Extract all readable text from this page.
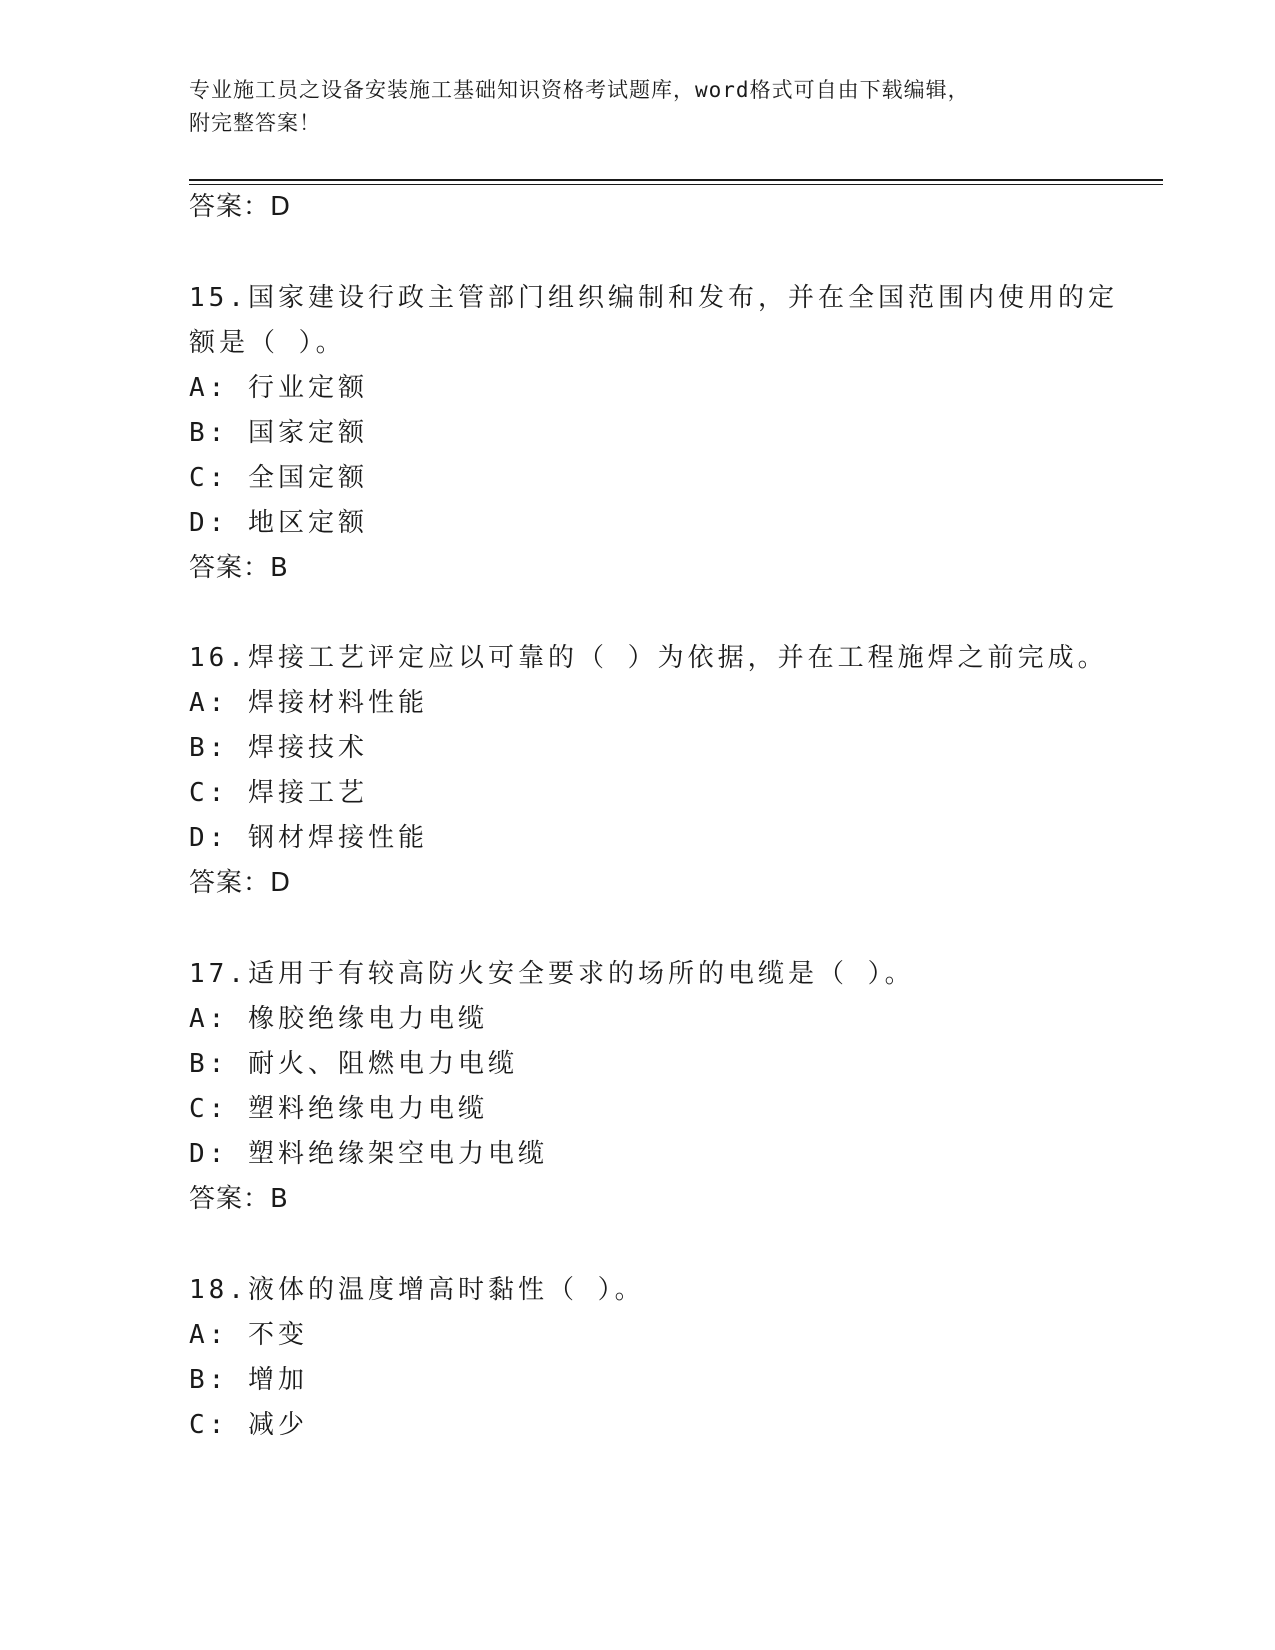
专业施工员之设备安装施工基础知识资格考试题库，word格式可自由下载编辑，
附完整答案！
答案：D
15.国家建设行政主管部门组织编制和发布，并在全国范围内使用的定
额是（ ）。
A: 行业定额
B: 国家定额
C: 全国定额
D: 地区定额
答案：B
16.焊接工艺评定应以可靠的（ ）为依据，并在工程施焊之前完成。
A: 焊接材料性能
B: 焊接技术
C: 焊接工艺
D: 钢材焊接性能
答案：D
17.适用于有较高防火安全要求的场所的电缆是（ ）。
A: 橡胶绝缘电力电缆
B: 耐火、阻燃电力电缆
C: 塑料绝缘电力电缆
D: 塑料绝缘架空电力电缆
答案：B
18.液体的温度增高时黏性（ ）。
A: 不变
B: 增加
C: 减少
